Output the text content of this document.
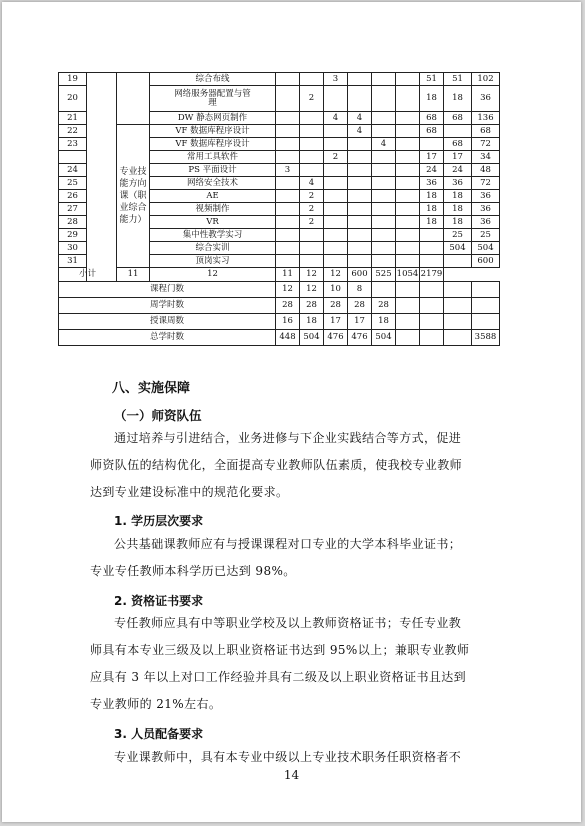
19			综合布线			3				51	51	102
20			网络服务器配置与管理		2					18	18	36
21			DW 静态网页制作			4	4			68	68	136
22		专业技能方向课（职业综合能力）	VF 数据库程序设计				4			68		68
23			VF 数据库程序设计					4			68	72
			常用工具软件			2				17	17	34
24			PS 平面设计	3						24	24	48
25			网络安全技术		4					36	36	72
26			AE		2					18	18	36
27			视频制作		2					18	18	36
28			VR		2					18	18	36
29			集中性教学实习								25	25
30			综合实训								504	504
31			顶岗实习									600
小计		11	12	11	12	12	600	525	1054	2179		
课程门数				12	12	10	8					
周学时数				28	28	28	28	28				
授课周数				16	18	17	17	18				
总学时数				448	504	476	476	504				3588
八、实施保障
（一）师资队伍
通过培养与引进结合，业务进修与下企业实践结合等方式，促进
师资队伍的结构优化，全面提高专业教师队伍素质，使我校专业教师
达到专业建设标准中的规范化要求。
1. 学历层次要求
公共基础课教师应有与授课课程对口专业的大学本科毕业证书；
专业专任教师本科学历已达到 98%。
2. 资格证书要求
专任教师应具有中等职业学校及以上教师资格证书；专任专业教
师具有本专业三级及以上职业资格证书达到 95%以上；兼职专业教师
应具有 3 年以上对口工作经验并具有二级及以上职业资格证书且达到
专业教师的 21%左右。
3. 人员配备要求
专业课教师中，具有本专业中级以上专业技术职务任职资格者不
14
